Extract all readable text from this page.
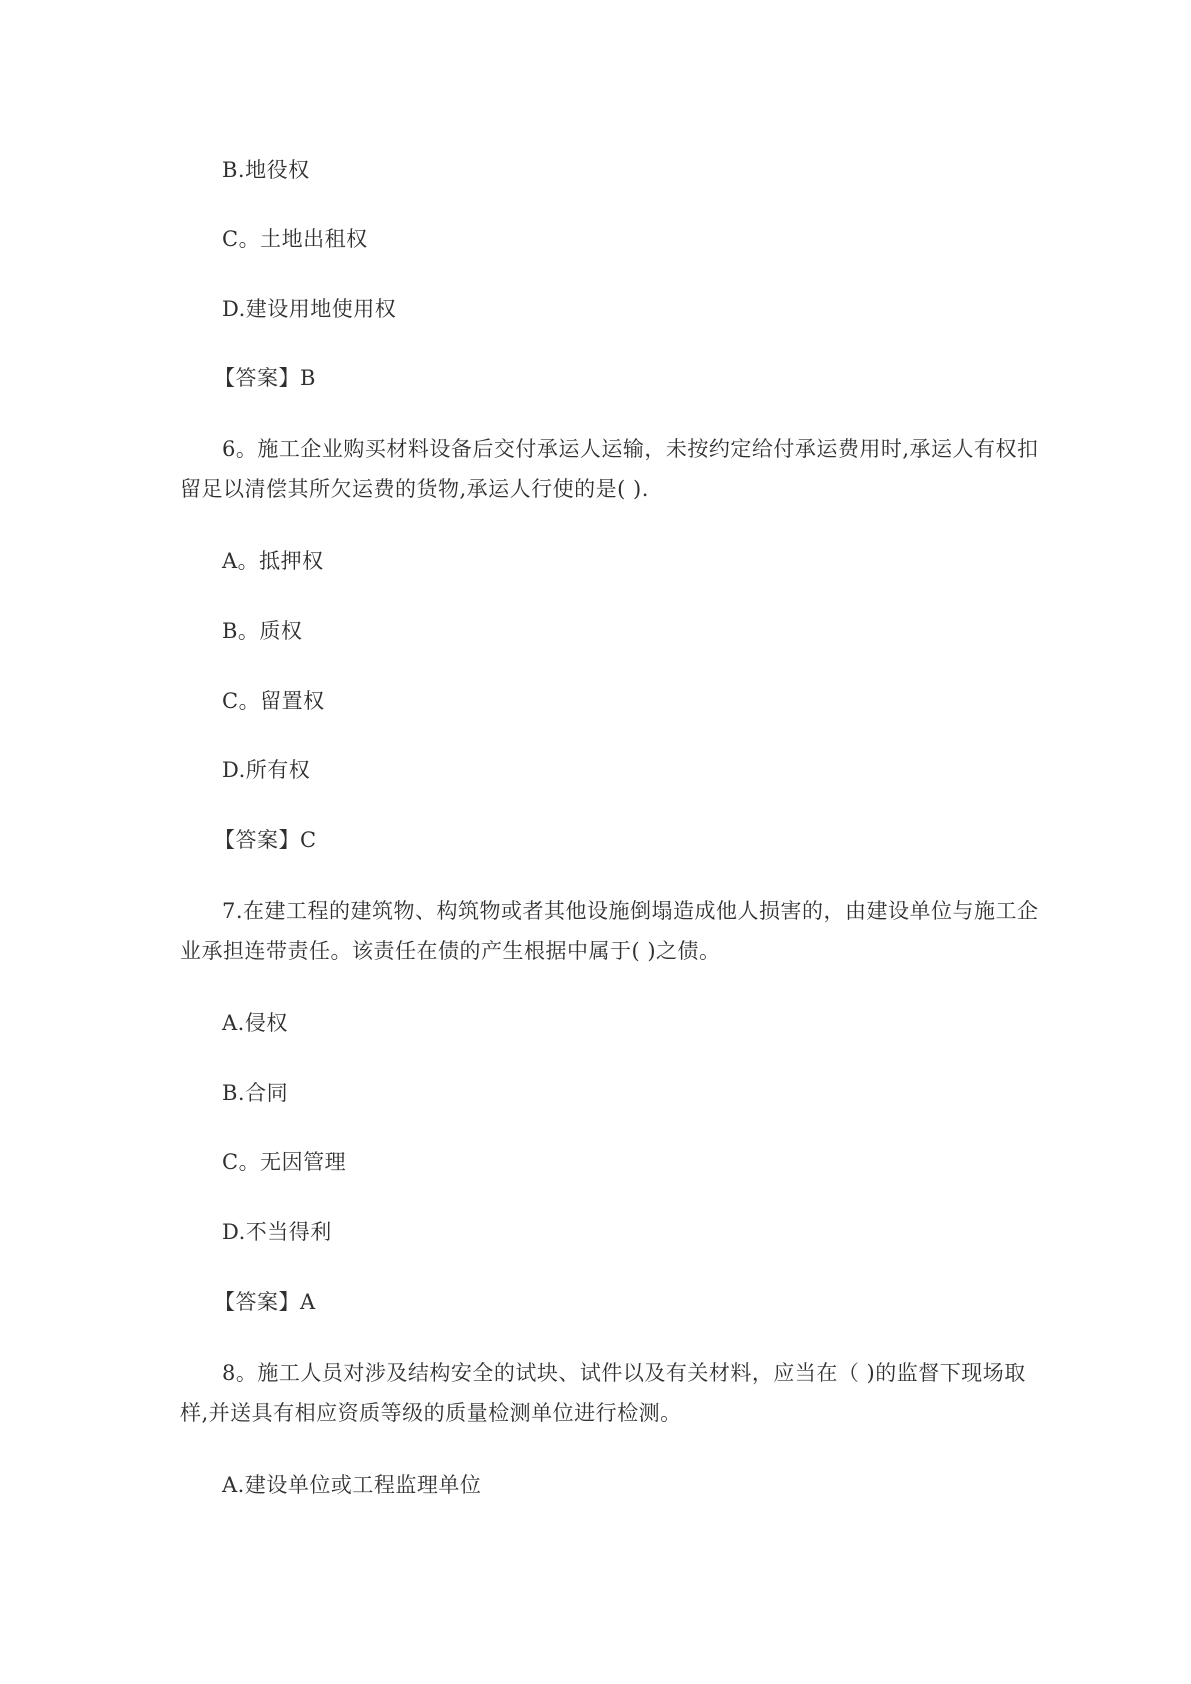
B.地役权
C。土地出租权
D.建设用地使用权
【答案】B
6。施工企业购买材料设备后交付承运人运输，未按约定给付承运费用时,承运人有权扣
留足以清偿其所欠运费的货物,承运人行使的是( ).
A。抵押权
B。质权
C。留置权
D.所有权
【答案】C
7.在建工程的建筑物、构筑物或者其他设施倒塌造成他人损害的，由建设单位与施工企
业承担连带责任。该责任在债的产生根据中属于( )之债。
A.侵权
B.合同
C。无因管理
D.不当得利
【答案】A
8。施工人员对涉及结构安全的试块、试件以及有关材料，应当在（ )的监督下现场取
样,并送具有相应资质等级的质量检测单位进行检测。
A.建设单位或工程监理单位
